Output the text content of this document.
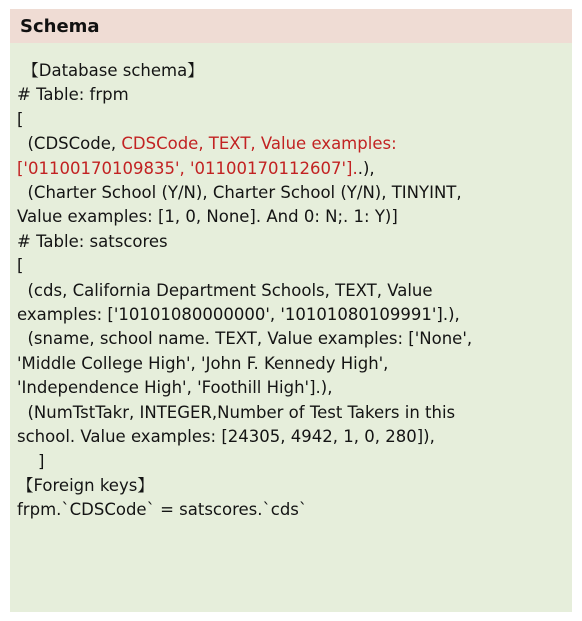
Schema
【Database schema】
# Table: frpm
[
(CDSCode, CDSCode, TEXT, Value examples:
['01100170109835', '01100170112607']..),
(Charter School (Y/N), Charter School (Y/N), TINYINT,
Value examples: [1, 0, None]. And 0: N;. 1: Y)]
# Table: satscores
[
(cds, California Department Schools, TEXT, Value
examples: ['10101080000000', '10101080109991'].),
(sname, school name. TEXT, Value examples: ['None',
'Middle College High', 'John F. Kennedy High',
'Independence High', 'Foothill High'].),
(NumTstTakr, INTEGER,Number of Test Takers in this
school. Value examples: [24305, 4942, 1, 0, 280]),
]
【Foreign keys】
frpm.`CDSCode` = satscores.`cds`
